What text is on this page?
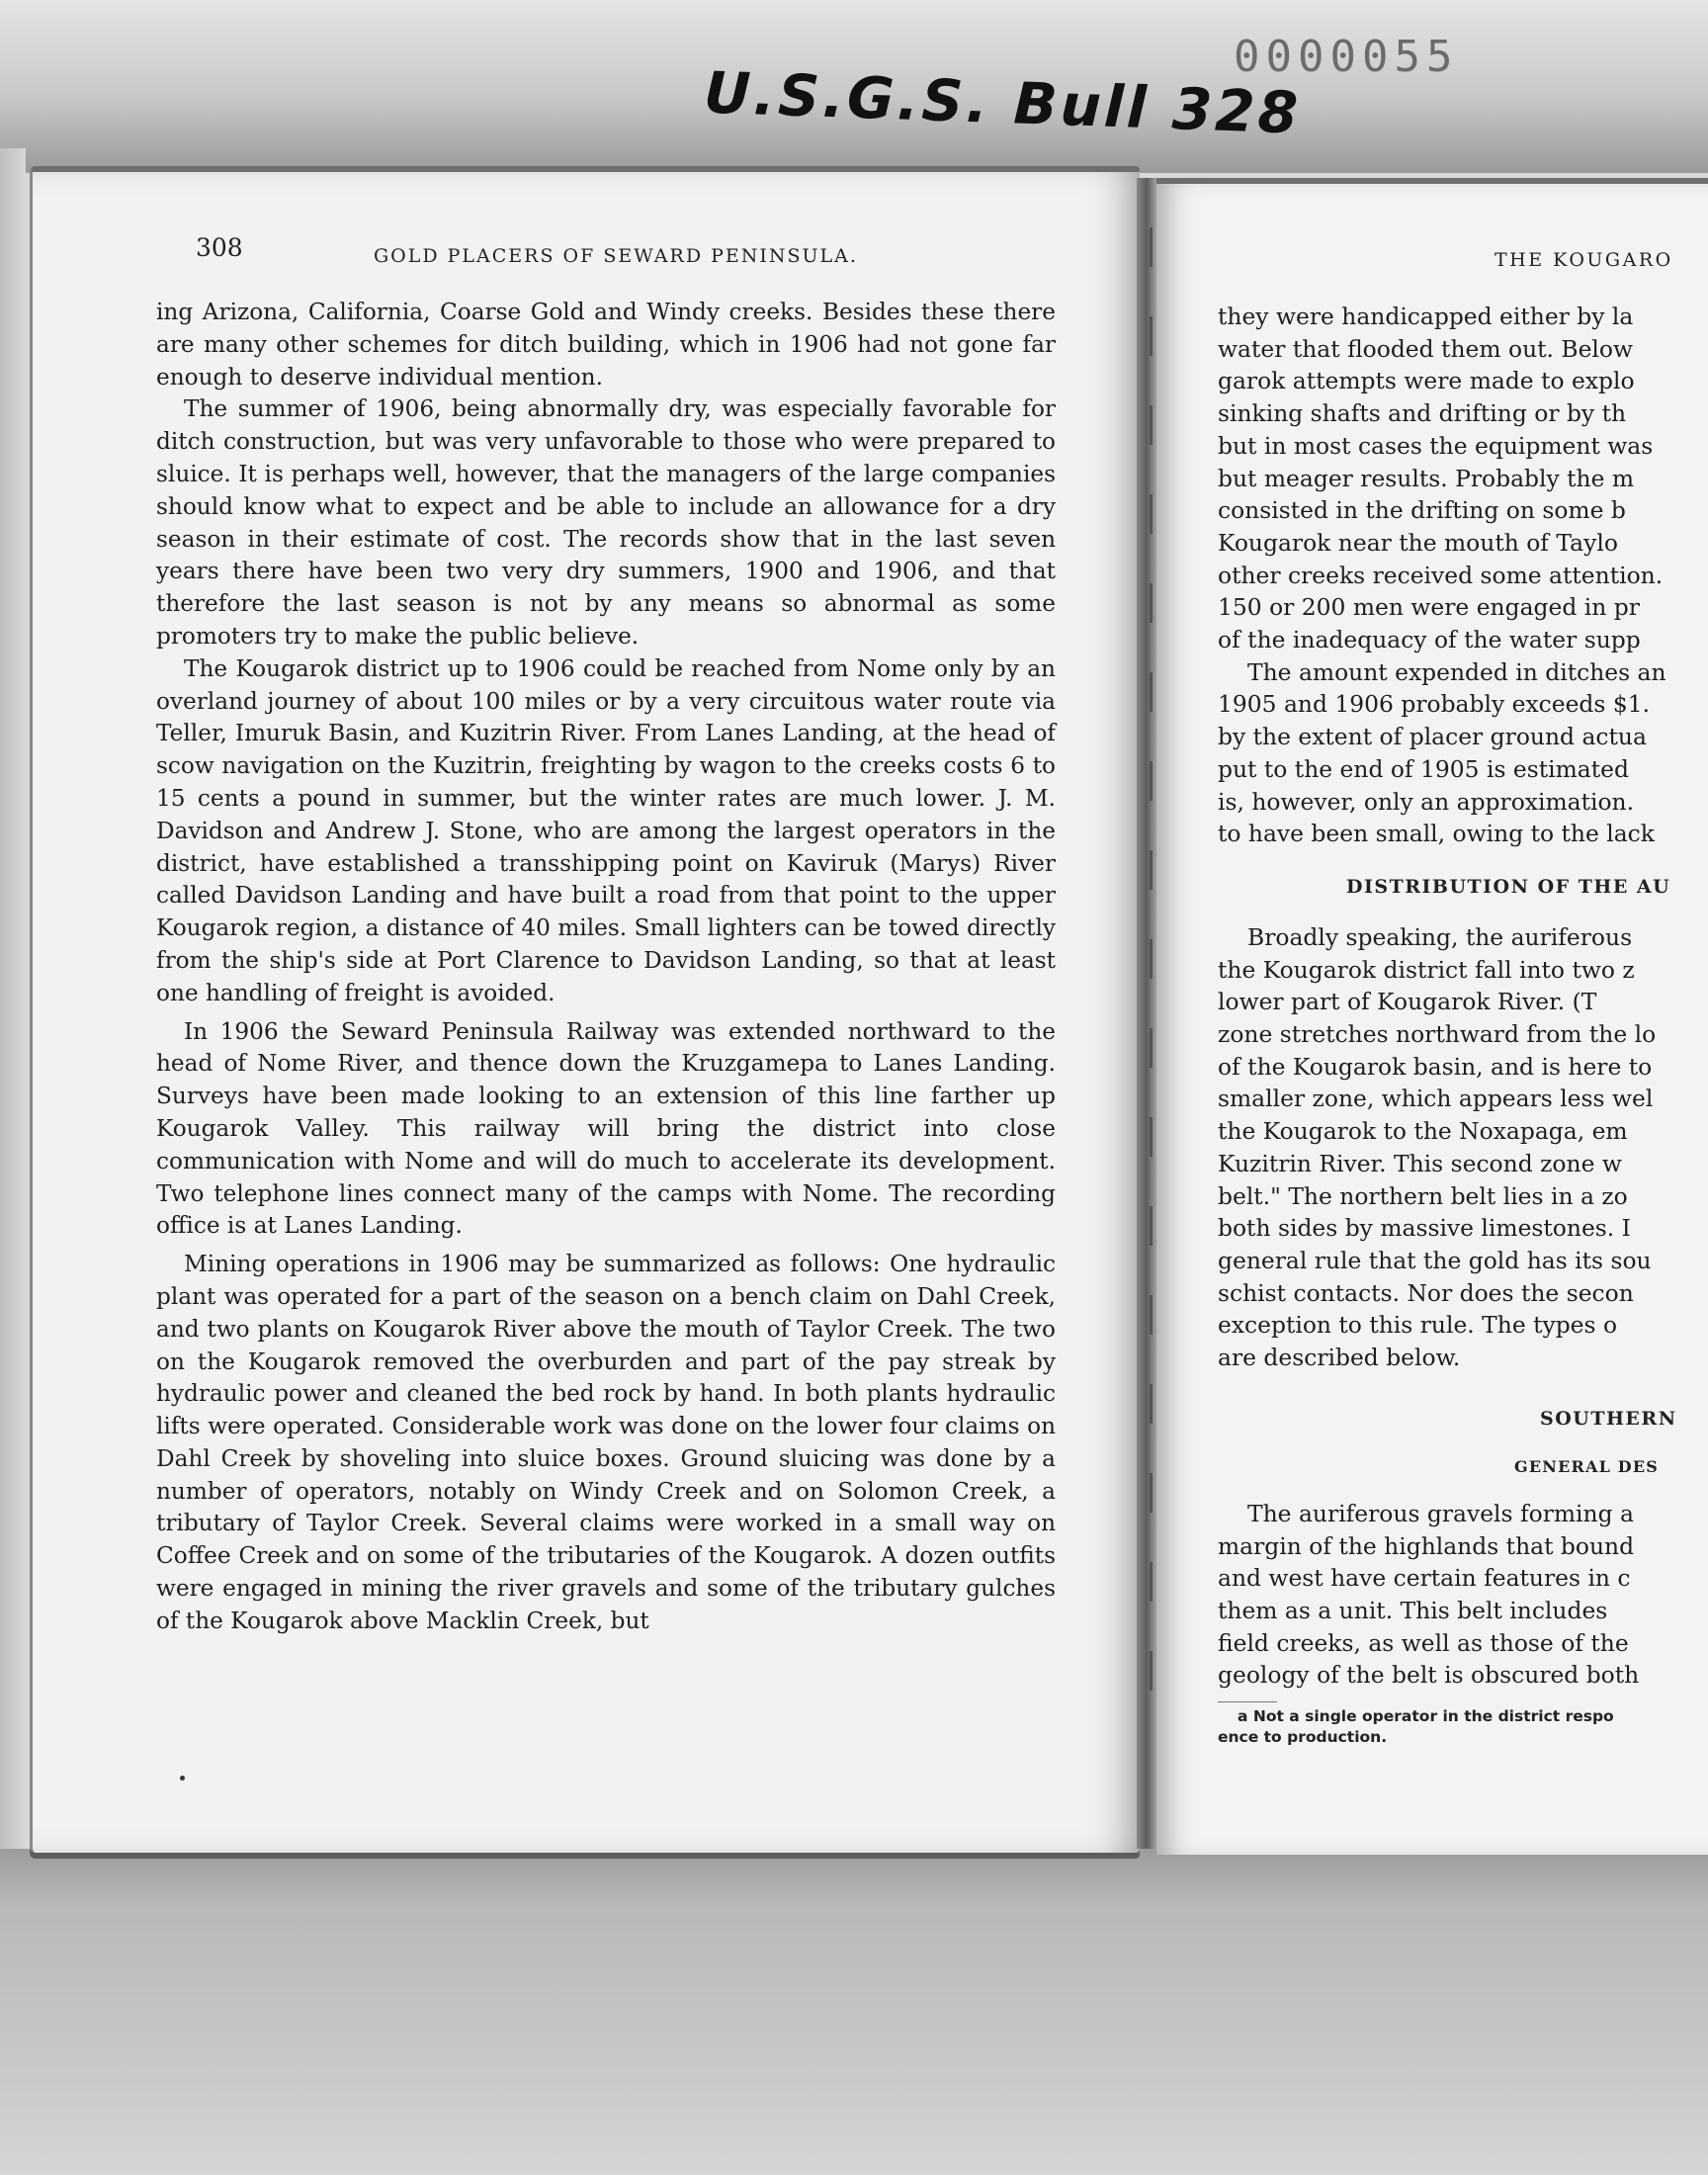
0000055
U.S.G.S. Bull 328
308	GOLD PLACERS OF SEWARD PENINSULA.	THE KOUGARO

ing Arizona, California, Coarse Gold and Windy creeks. Besides these there are many other schemes for ditch building, which in 1906 had not gone far enough to deserve individual mention.

The summer of 1906, being abnormally dry, was especially favorable for ditch construction, but was very unfavorable to those who were prepared to sluice. It is perhaps well, however, that the managers of the large companies should know what to expect and be able to include an allowance for a dry season in their estimate of cost. The records show that in the last seven years there have been two very dry summers, 1900 and 1906, and that therefore the last season is not by any means so abnormal as some promoters try to make the public believe.

The Kougarok district up to 1906 could be reached from Nome only by an overland journey of about 100 miles or by a very circuitous water route via Teller, Imuruk Basin, and Kuzitrin River. From Lanes Landing, at the head of scow navigation on the Kuzitrin, freighting by wagon to the creeks costs 6 to 15 cents a pound in summer, but the winter rates are much lower. J. M. Davidson and Andrew J. Stone, who are among the largest operators in the district, have established a transshipping point on Kaviruk (Marys) River called Davidson Landing and have built a road from that point to the upper Kougarok region, a distance of 40 miles. Small lighters can be towed directly from the ship's side at Port Clarence to Davidson Landing, so that at least one handling of freight is avoided.

In 1906 the Seward Peninsula Railway was extended northward to the head of Nome River, and thence down the Kruzgamepa to Lanes Landing. Surveys have been made looking to an extension of this line farther up Kougarok Valley. This railway will bring the district into close communication with Nome and will do much to accelerate its development. Two telephone lines connect many of the camps with Nome. The recording office is at Lanes Landing.

Mining operations in 1906 may be summarized as follows: One hydraulic plant was operated for a part of the season on a bench claim on Dahl Creek, and two plants on Kougarok River above the mouth of Taylor Creek. The two on the Kougarok removed the overburden and part of the pay streak by hydraulic power and cleaned the bed rock by hand. In both plants hydraulic lifts were operated. Considerable work was done on the lower four claims on Dahl Creek by shoveling into sluice boxes. Ground sluicing was done by a number of operators, notably on Windy Creek and on Solomon Creek, a tributary of Taylor Creek. Several claims were worked in a small way on Coffee Creek and on some of the tributaries of the Kougarok. A dozen outfits were engaged in mining the river gravels and some of the tributary gulches of the Kougarok above Macklin Creek, but

they were handicapped either by la
water that flooded them out. Below
garok attempts were made to explo
sinking shafts and drifting or by th
but in most cases the equipment was
but meager results. Probably the m
consisted in the drifting on some b
Kougarok near the mouth of Taylo
other creeks received some attention.
150 or 200 men were engaged in pr
of the inadequacy of the water supp
The amount expended in ditches an
1905 and 1906 probably exceeds $1.
by the extent of placer ground actua
put to the end of 1905 is estimated
is, however, only an approximation.
to have been small, owing to the lack
DISTRIBUTION OF THE AU
Broadly speaking, the auriferous
the Kougarok district fall into two z
lower part of Kougarok River. (T
zone stretches northward from the lo
of the Kougarok basin, and is here to
smaller zone, which appears less wel
the Kougarok to the Noxapaga, em
Kuzitrin River. This second zone w
belt." The northern belt lies in a zo
both sides by massive limestones. I
general rule that the gold has its sou
schist contacts. Nor does the secon
exception to this rule. The types o
are described below.
SOUTHERN
GENERAL DES
The auriferous gravels forming a
margin of the highlands that bound
and west have certain features in c
them as a unit. This belt includes
field creeks, as well as those of the
geology of the belt is obscured both
a Not a single operator in the district respo
ence to production.
